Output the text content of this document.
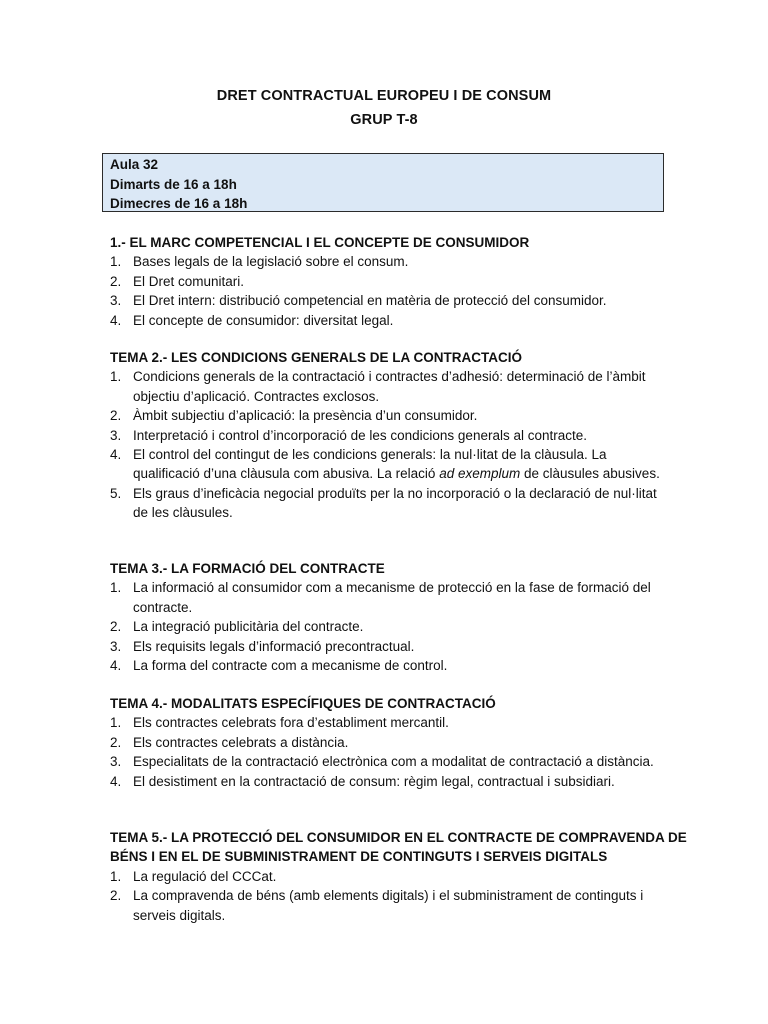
DRET CONTRACTUAL EUROPEU I DE CONSUM
GRUP T-8
Aula 32
Dimarts de 16 a 18h
Dimecres de 16 a 18h
1.- EL MARC COMPETENCIAL I EL CONCEPTE DE CONSUMIDOR
1. Bases legals de la legislació sobre el consum.
2. El Dret comunitari.
3. El Dret intern: distribució competencial en matèria de protecció del consumidor.
4. El concepte de consumidor: diversitat legal.
TEMA 2.- LES CONDICIONS GENERALS DE LA CONTRACTACIÓ
1. Condicions generals de la contractació i contractes d’adhesió: determinació de l’àmbit objectiu d’aplicació. Contractes exclosos.
2. Àmbit subjectiu d’aplicació: la presència d’un consumidor.
3. Interpretació i control d’incorporació de les condicions generals al contracte.
4. El control del contingut de les condicions generals: la nul·litat de la clàusula. La qualificació d’una clàusula com abusiva. La relació ad exemplum de clàusules abusives.
5. Els graus d’ineficàcia negocial produïts per la no incorporació o la declaració de nul·litat de les clàusules.
TEMA 3.- LA FORMACIÓ DEL CONTRACTE
1. La informació al consumidor com a mecanisme de protecció en la fase de formació del contracte.
2. La integració publicitària del contracte.
3. Els requisits legals d’informació precontractual.
4. La forma del contracte com a mecanisme de control.
TEMA 4.- MODALITATS ESPECÍFIQUES DE CONTRACTACIÓ
1. Els contractes celebrats fora d’establiment mercantil.
2. Els contractes celebrats a distància.
3. Especialitats de la contractació electrònica com a modalitat de contractació a distància.
4. El desistiment en la contractació de consum: règim legal, contractual i subsidiari.
TEMA 5.- LA PROTECCIÓ DEL CONSUMIDOR EN EL CONTRACTE DE COMPRAVENDA DE
BÉNS I EN EL DE SUBMINISTRAMENT DE CONTINGUTS I SERVEIS DIGITALS
1. La regulació del CCCat.
2. La compravenda de béns (amb elements digitals) i el subministrament de continguts i serveis digitals.
